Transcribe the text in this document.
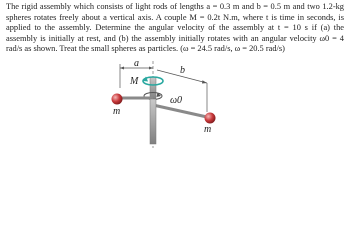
The rigid assembly which consists of light rods of lengths a = 0.3 m and b = 0.5 m and two 1.2-kg spheres rotates freely about a vertical axis. A couple M = 0.2t N.m, where t is time in seconds, is applied to the assembly. Determine the angular velocity of the assembly at t = 10 s if (a) the assembly is initially at rest, and (b) the assembly initially rotates with an angular velocity ω0 = 4 rad/s as shown. Treat the small spheres as particles. (ω = 24.5 rad/s, ω = 20.5 rad/s)
a
b
M
ω0
m
m
